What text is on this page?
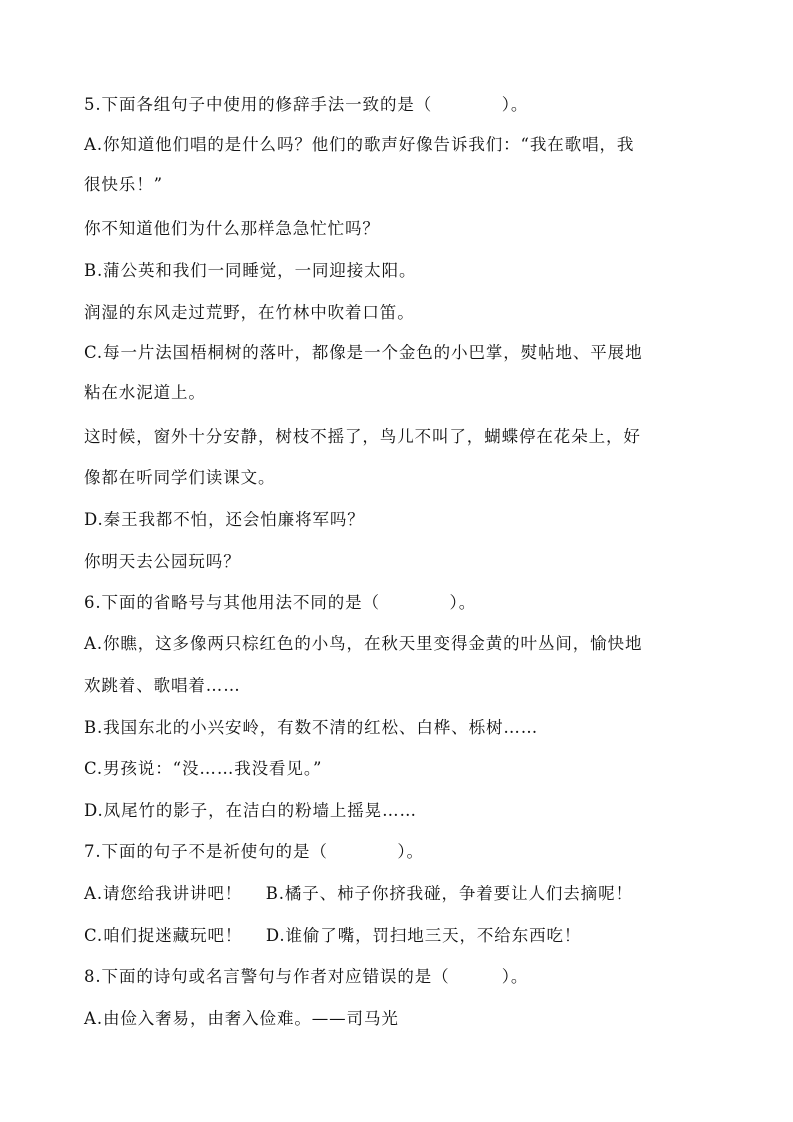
5.下面各组句子中使用的修辞手法一致的是（　　　　）。
A.你知道他们唱的是什么吗？他们的歌声好像告诉我们：“我在歌唱，我
很快乐！”
你不知道他们为什么那样急急忙忙吗？
B.蒲公英和我们一同睡觉，一同迎接太阳。
润湿的东风走过荒野，在竹林中吹着口笛。
C.每一片法国梧桐树的落叶，都像是一个金色的小巴掌，熨帖地、平展地
粘在水泥道上。
这时候，窗外十分安静，树枝不摇了，鸟儿不叫了，蝴蝶停在花朵上，好
像都在听同学们读课文。
D.秦王我都不怕，还会怕廉将军吗？
你明天去公园玩吗？
6.下面的省略号与其他用法不同的是（　　　　）。
A.你瞧，这多像两只棕红色的小鸟，在秋天里变得金黄的叶丛间，愉快地
欢跳着、歌唱着……
B.我国东北的小兴安岭，有数不清的红松、白桦、栎树……
C.男孩说：“没……我没看见。”
D.凤尾竹的影子，在洁白的粉墙上摇晃……
7.下面的句子不是祈使句的是（　　　　）。
A.请您给我讲讲吧！　 B.橘子、柿子你挤我碰，争着要让人们去摘呢！
C.咱们捉迷藏玩吧！　 D.谁偷了嘴，罚扫地三天，不给东西吃！
8.下面的诗句或名言警句与作者对应错误的是（　　　）。
A.由俭入奢易，由奢入俭难。——司马光
